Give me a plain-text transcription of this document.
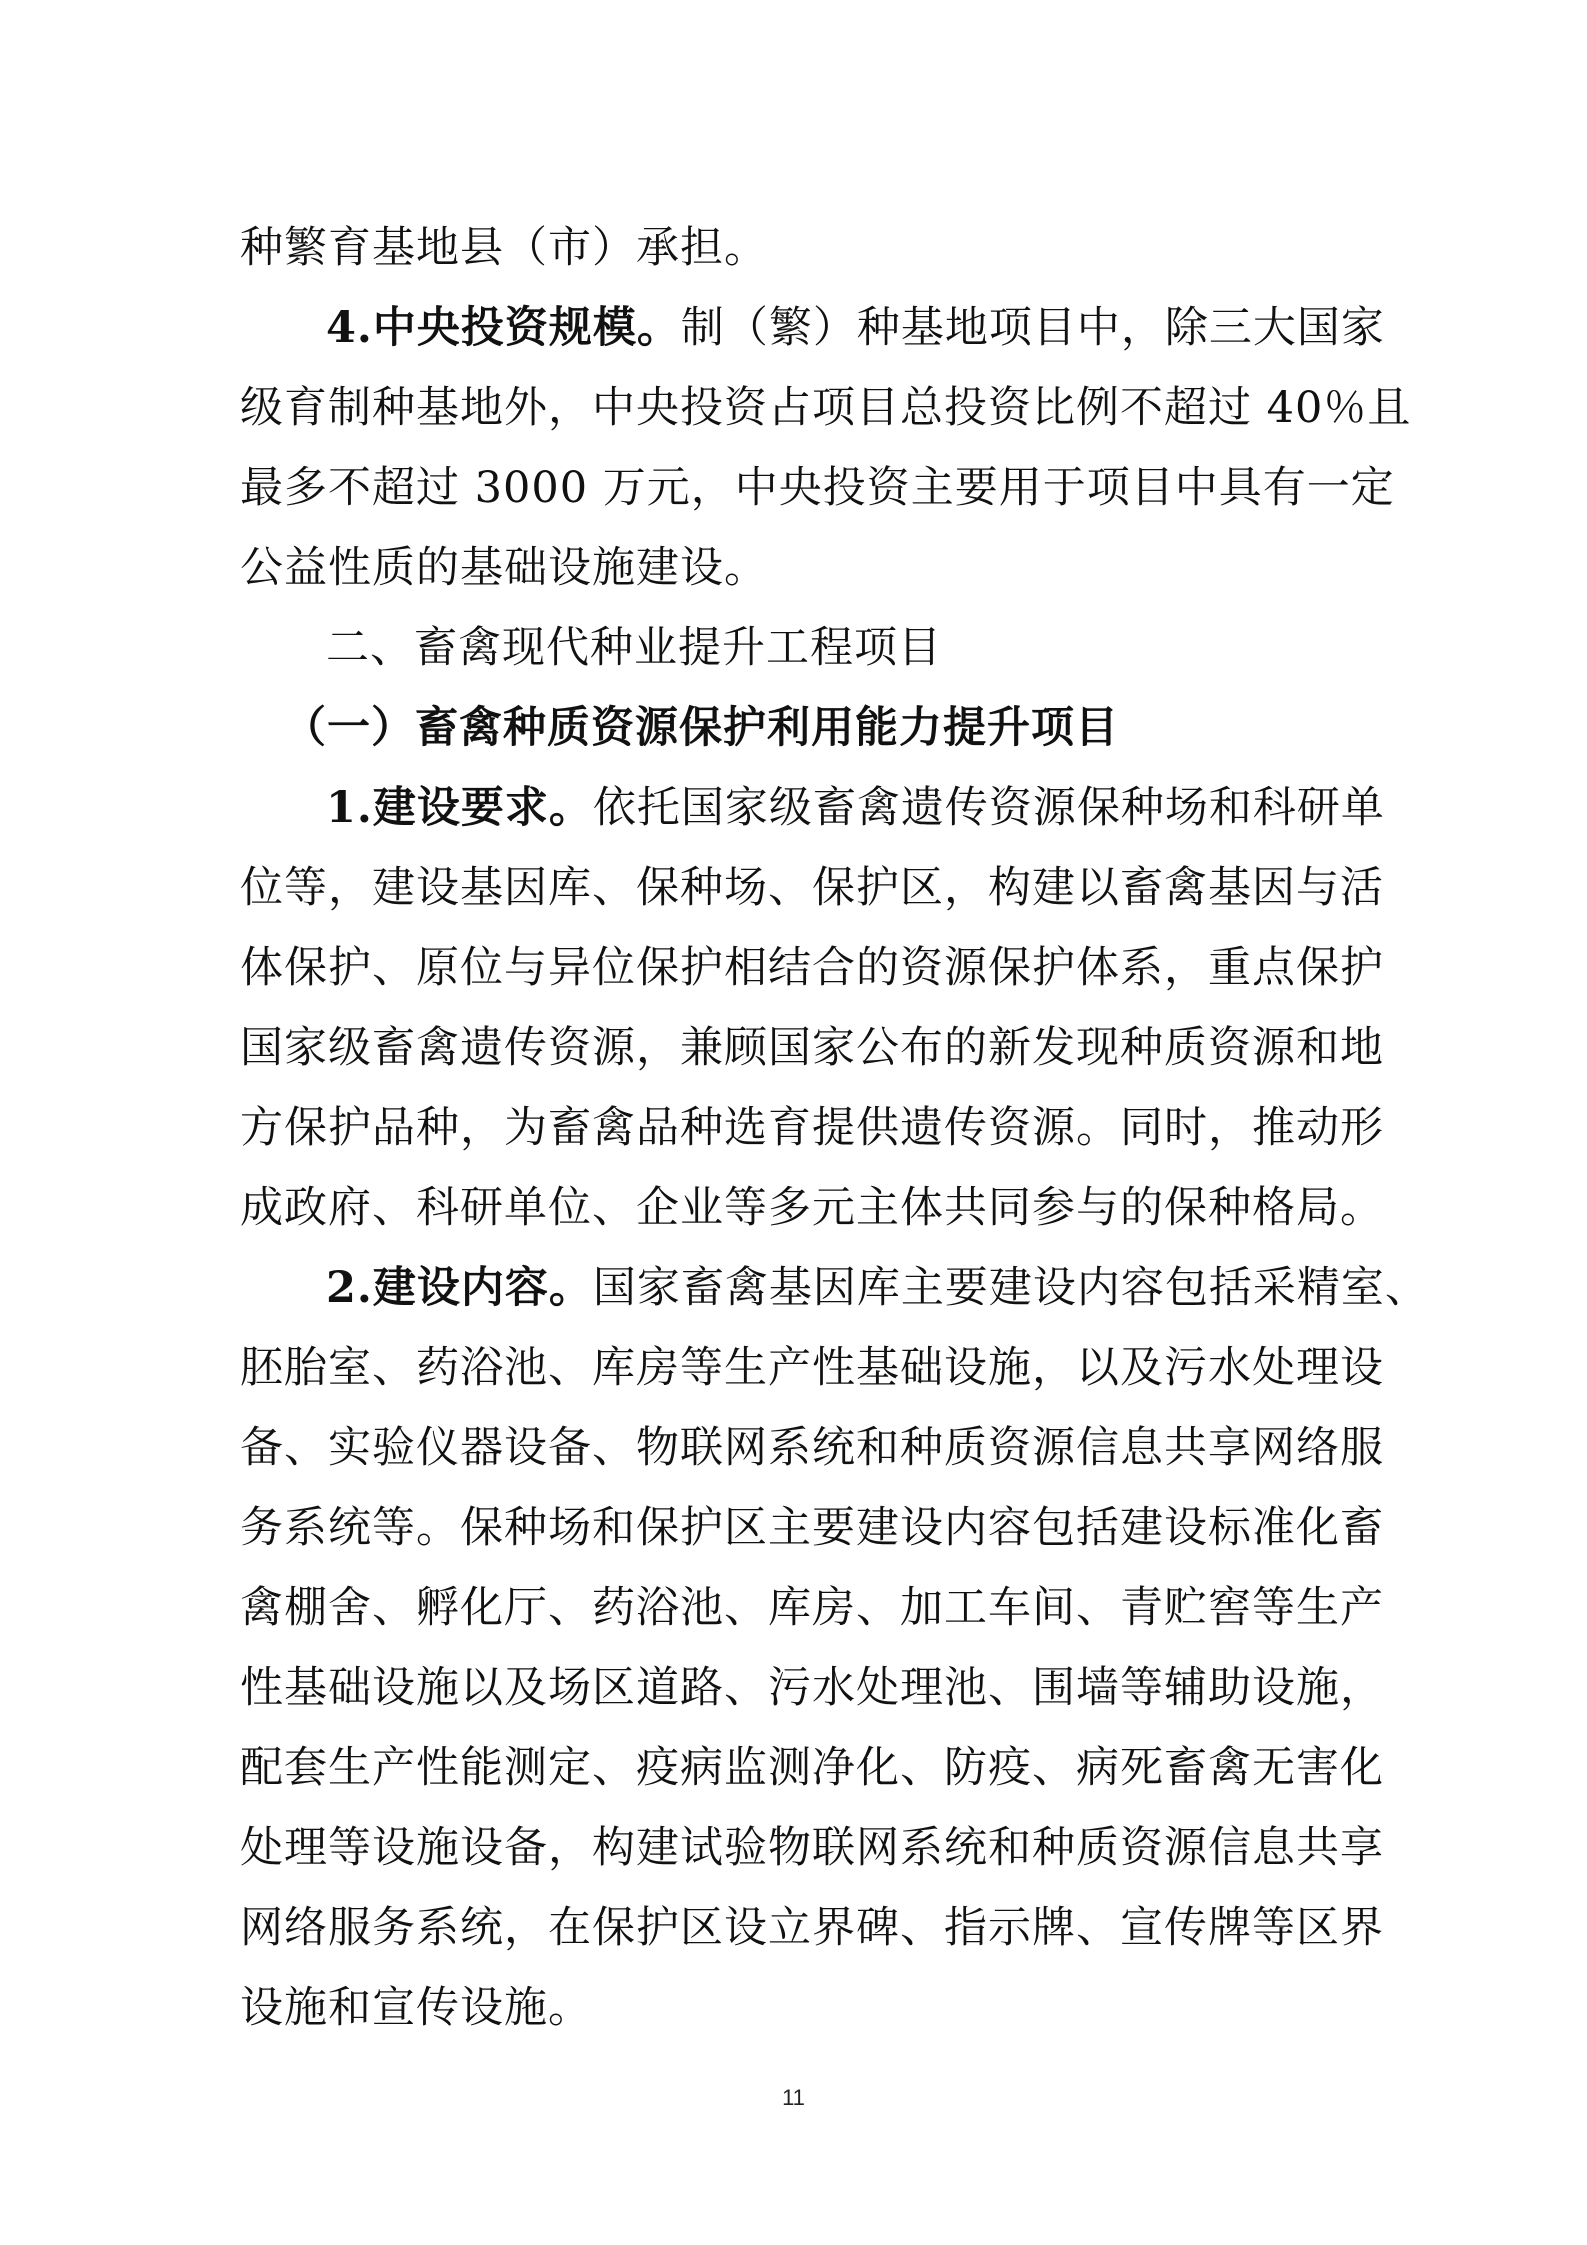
种繁育基地县（市）承担。
4.中央投资规模。制（繁）种基地项目中，除三大国家
级育制种基地外，中央投资占项目总投资比例不超过 40％且
最多不超过 3000 万元，中央投资主要用于项目中具有一定
公益性质的基础设施建设。
二、畜禽现代种业提升工程项目
（一）畜禽种质资源保护利用能力提升项目
1.建设要求。依托国家级畜禽遗传资源保种场和科研单
位等，建设基因库、保种场、保护区，构建以畜禽基因与活
体保护、原位与异位保护相结合的资源保护体系，重点保护
国家级畜禽遗传资源，兼顾国家公布的新发现种质资源和地
方保护品种，为畜禽品种选育提供遗传资源。同时，推动形
成政府、科研单位、企业等多元主体共同参与的保种格局。
2.建设内容。国家畜禽基因库主要建设内容包括采精室、
胚胎室、药浴池、库房等生产性基础设施，以及污水处理设
备、实验仪器设备、物联网系统和种质资源信息共享网络服
务系统等。保种场和保护区主要建设内容包括建设标准化畜
禽棚舍、孵化厅、药浴池、库房、加工车间、青贮窖等生产
性基础设施以及场区道路、污水处理池、围墙等辅助设施，
配套生产性能测定、疫病监测净化、防疫、病死畜禽无害化
处理等设施设备，构建试验物联网系统和种质资源信息共享
网络服务系统，在保护区设立界碑、指示牌、宣传牌等区界
设施和宣传设施。
11
